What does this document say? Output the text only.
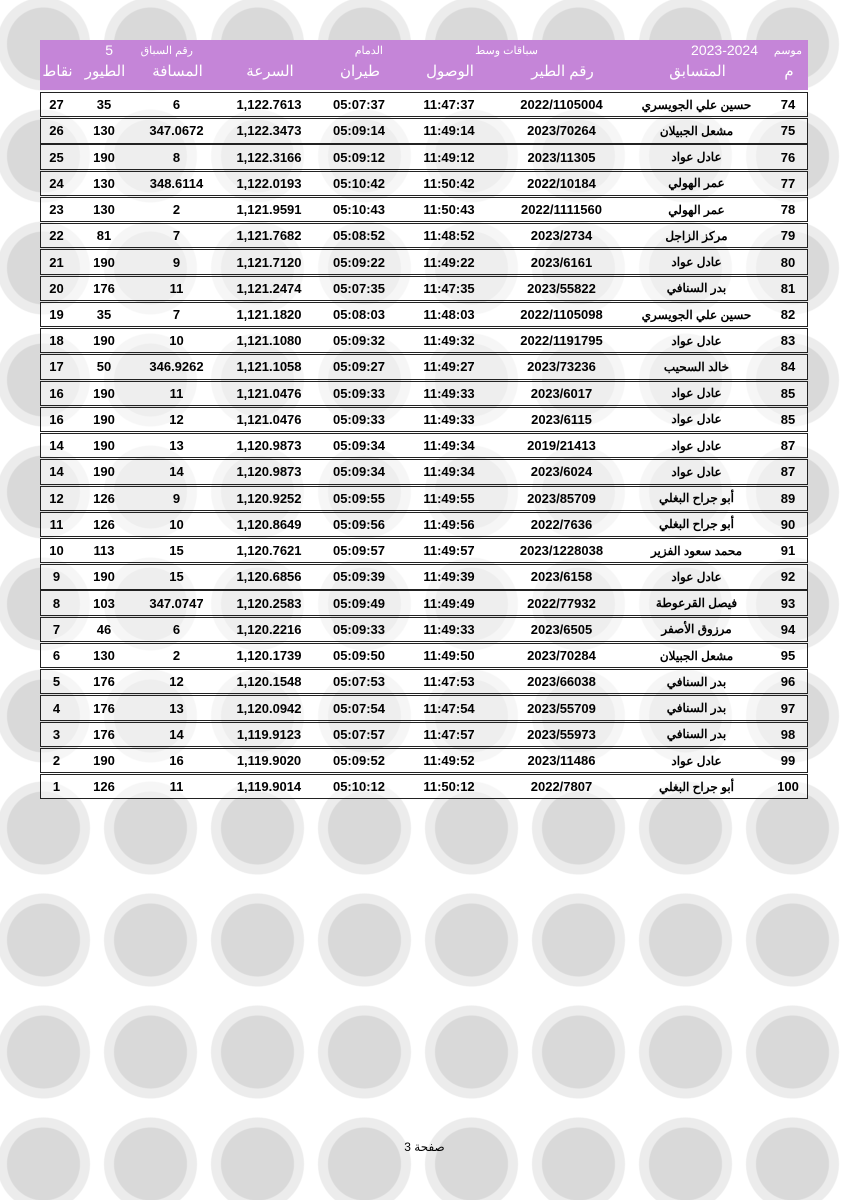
موسم
2023-2024
سباقات وسط
الدمام
رقم السباق
5
م
المتسابق
رقم الطير
الوصول
طيران
السرعة
المسافة
الطيور
نقاط
74
حسين علي الجويسري
2022/1105004
11:47:37
05:07:37
1,122.7613
6
35
27
75
مشعل الجبيلان
2023/70264
11:49:14
05:09:14
1,122.3473
347.0672
130
26
76
عادل عواد
2023/11305
11:49:12
05:09:12
1,122.3166
8
190
25
77
عمر الهولي
2022/10184
11:50:42
05:10:42
1,122.0193
348.6114
130
24
78
عمر الهولي
2022/1111560
11:50:43
05:10:43
1,121.9591
2
130
23
79
مركز الزاجل
2023/2734
11:48:52
05:08:52
1,121.7682
7
81
22
80
عادل عواد
2023/6161
11:49:22
05:09:22
1,121.7120
9
190
21
81
بدر السنافي
2023/55822
11:47:35
05:07:35
1,121.2474
11
176
20
82
حسين علي الجويسري
2022/1105098
11:48:03
05:08:03
1,121.1820
7
35
19
83
عادل عواد
2022/1191795
11:49:32
05:09:32
1,121.1080
10
190
18
84
خالد السحيب
2023/73236
11:49:27
05:09:27
1,121.1058
346.9262
50
17
85
عادل عواد
2023/6017
11:49:33
05:09:33
1,121.0476
11
190
16
85
عادل عواد
2023/6115
11:49:33
05:09:33
1,121.0476
12
190
16
87
عادل عواد
2019/21413
11:49:34
05:09:34
1,120.9873
13
190
14
87
عادل عواد
2023/6024
11:49:34
05:09:34
1,120.9873
14
190
14
89
أبو جراح البغلي
2023/85709
11:49:55
05:09:55
1,120.9252
9
126
12
90
أبو جراح البغلي
2022/7636
11:49:56
05:09:56
1,120.8649
10
126
11
91
محمد سعود الفزير
2023/1228038
11:49:57
05:09:57
1,120.7621
15
113
10
92
عادل عواد
2023/6158
11:49:39
05:09:39
1,120.6856
15
190
9
93
فيصل القرعوطة
2022/77932
11:49:49
05:09:49
1,120.2583
347.0747
103
8
94
مرزوق الأصفر
2023/6505
11:49:33
05:09:33
1,120.2216
6
46
7
95
مشعل الجبيلان
2023/70284
11:49:50
05:09:50
1,120.1739
2
130
6
96
بدر السنافي
2023/66038
11:47:53
05:07:53
1,120.1548
12
176
5
97
بدر السنافي
2023/55709
11:47:54
05:07:54
1,120.0942
13
176
4
98
بدر السنافي
2023/55973
11:47:57
05:07:57
1,119.9123
14
176
3
99
عادل عواد
2023/11486
11:49:52
05:09:52
1,119.9020
16
190
2
100
أبو جراح البغلي
2022/7807
11:50:12
05:10:12
1,119.9014
11
126
1
صفحة 3
